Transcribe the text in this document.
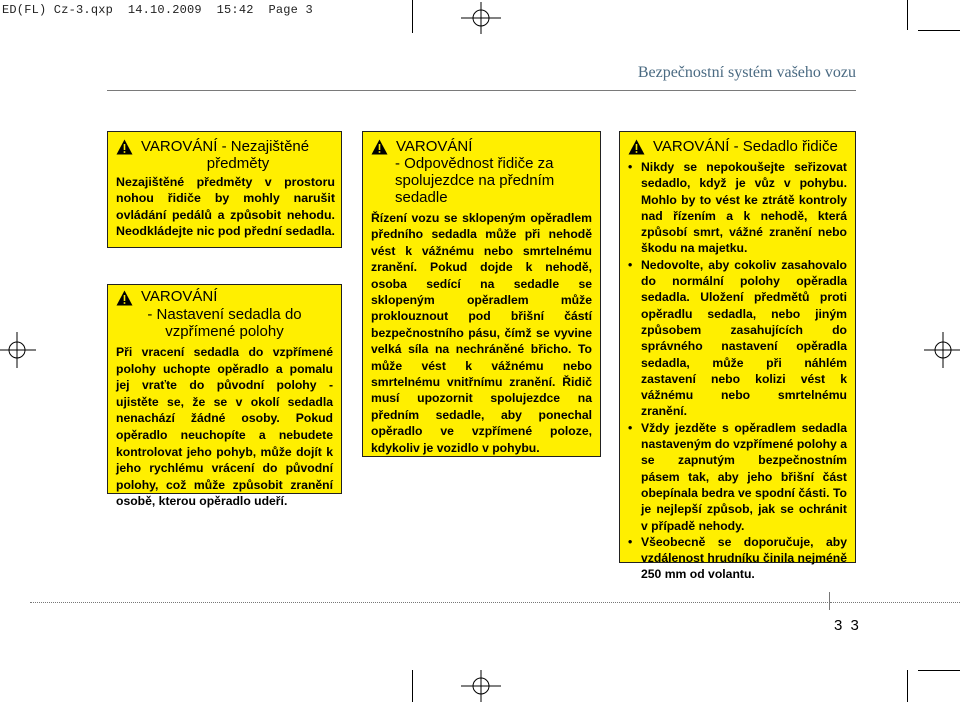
ED(FL) Cz-3.qxp  14.10.2009  15:42  Page 3
Bezpečnostní systém vašeho vozu
VAROVÁNÍ - Nezajištěné
předměty
Nezajištěné předměty v prostoru nohou řidiče by mohly narušit ovládání pedálů a způsobit nehodu. Neodkládejte nic pod přední sedadla.
VAROVÁNÍ
- Nastavení sedadla do
vzpřímené polohy
Při vracení sedadla do vzpřímené polohy uchopte opěradlo a pomalu jej vraťte do původní polohy - ujistěte se, že se v okolí sedadla nenachází žádné osoby. Pokud opěradlo neuchopíte a nebudete kontrolovat jeho pohyb, může dojít k jeho rychlému vrácení do původní polohy, což může způsobit zranění osobě, kterou opěradlo udeří.
VAROVÁNÍ
- Odpovědnost řidiče za spolujezdce na předním sedadle
Řízení vozu se sklopeným opěradlem předního sedadla může při nehodě vést k vážnému nebo smrtelnému zranění. Pokud dojde k nehodě, osoba sedící na sedadle se sklopeným opěradlem může proklouznout pod břišní částí bezpečnostního pásu, čímž se vyvine velká síla na nechráněné břicho. To může vést k vážnému nebo smrtelnému vnitřnímu zranění. Řidič musí upozornit spolujezdce na předním sedadle, aby ponechal opěradlo ve vzpřímené poloze, kdykoliv je vozidlo v pohybu.
VAROVÁNÍ - Sedadlo řidiče
• Nikdy se nepokoušejte seřizovat sedadlo, když je vůz v pohybu. Mohlo by to vést ke ztrátě kontroly nad řízením a k nehodě, která způsobí smrt, vážné zranění nebo škodu na majetku.
• Nedovolte, aby cokoliv zasahovalo do normální polohy opěradla sedadla. Uložení předmětů proti opěradlu sedadla, nebo jiným způsobem zasahujících do správného nastavení opěradla sedadla, může při náhlém zastavení nebo kolizi vést k vážnému nebo smrtelnému zranění.
• Vždy jezděte s opěradlem sedadla nastaveným do vzpřímené polohy a se zapnutým bezpečnostním pásem tak, aby jeho břišní část obepínala bedra ve spodní části. To je nejlepší způsob, jak se ochránit v případě nehody.
• Všeobecně se doporučuje, aby vzdálenost hrudníku činila nejméně 250 mm od volantu.
3 3
